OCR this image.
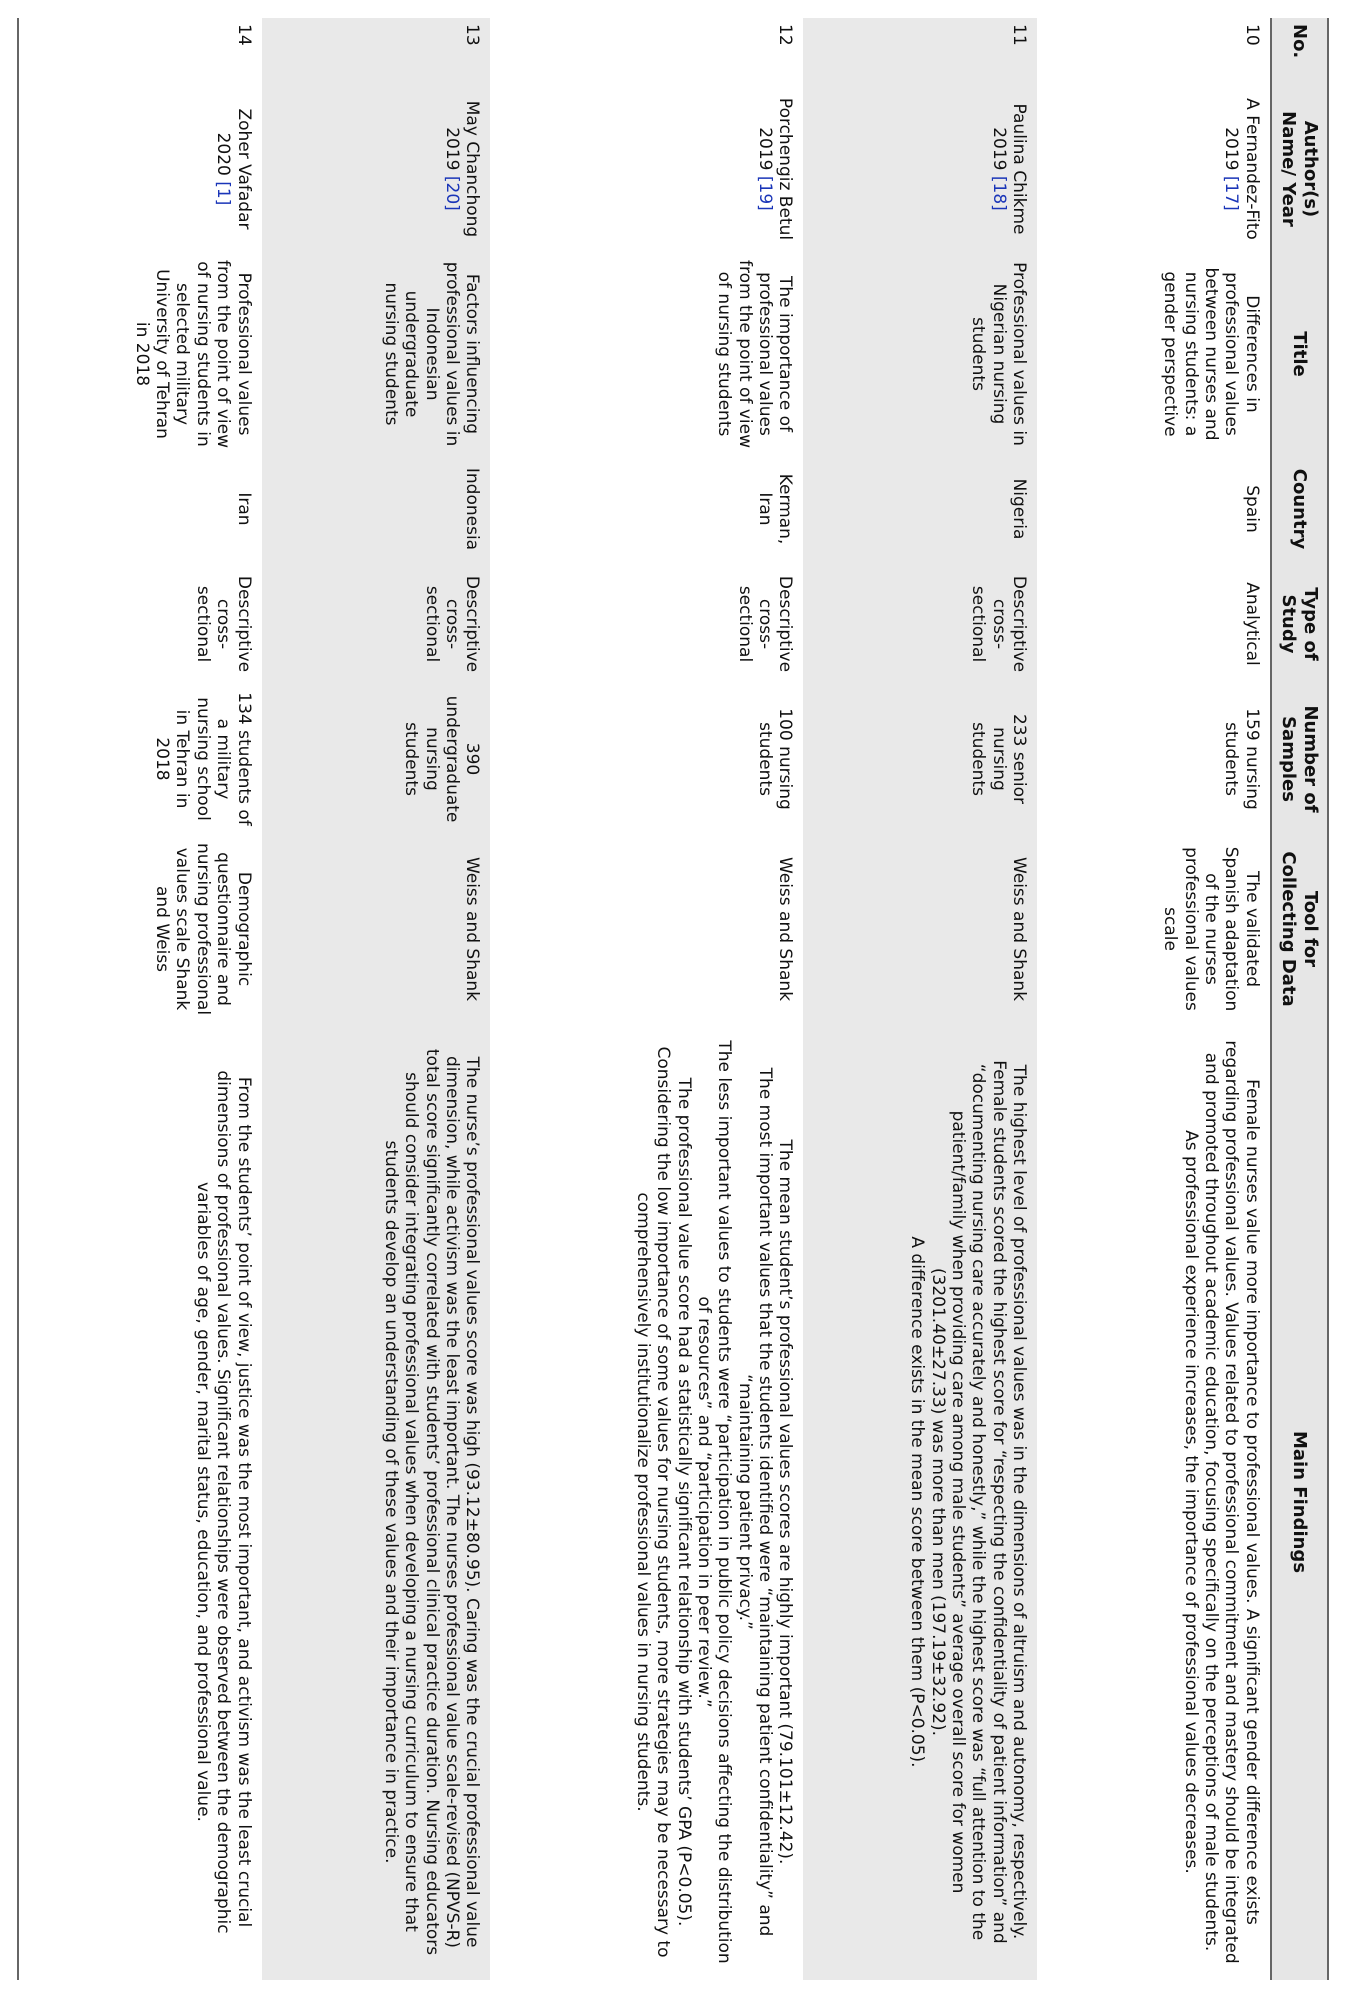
No.	Author(s) Name/ Year	Title	Country	Type of Study	Number of Samples	Tool for Collecting Data	Main Findings
10	A Fernandez-Fito 2019 [17]	Differences in professional values between nurses and nursing students: a gender perspective	Spain	Analytical	159 nursing students	The validated Spanish adaptation of the nurses professional values scale	Female nurses value more importance to professional values. A significant gender difference exists regarding professional values. Values related to professional commitment and mastery should be integrated and promoted throughout academic education, focusing specifically on the perceptions of male students.
As professional experience increases, the importance of professional values decreases.

11	Paulina Chikme 2019 [18]	Professional values in Nigerian nursing students	Nigeria	Descriptive cross-sectional	233 senior nursing students	Weiss and Shank	The highest level of professional values was in the dimensions of altruism and autonomy, respectively. Female students scored the highest score for “respecting the confidentiality of patient information” and “documenting nursing care accurately and honestly,” while the highest score was “full attention to the patient/family when providing care among male students” average overall score for women (3201.40±27.33) was more than men (197.19±32.92).
A difference exists in the mean score between them (P<0.05).

12	Porchengiz Betul 2019 [19]	The importance of professional values from the point of view of nursing students	Kerman, Iran	Descriptive cross-sectional	100 nursing students	Weiss and Shank	The mean student’s professional values scores are highly important (79.101±12.42).
The most important values that the students identified were “maintaining patient confidentiality” and “maintaining patient privacy.”
The less important values to students were “participation in public policy decisions affecting the distribution of resources” and “participation in peer review.”
The professional value score had a statistically significant relationship with students’ GPA (P<0.05). Considering the low importance of some values for nursing students, more strategies may be necessary to comprehensively institutionalize professional values in nursing students.

13	May Chanchong 2019 [20]	Factors influencing professional values in Indonesian undergraduate nursing students	Indonesia	Descriptive cross-sectional	390 undergraduate nursing students	Weiss and Shank	The nurse’s professional values score was high (93.12±80.95). Caring was the crucial professional value dimension, while activism was the least important. The nurses professional value scale-revised (NPVS-R) total score significantly correlated with students’ professional clinical practice duration. Nursing educators should consider integrating professional values when developing a nursing curriculum to ensure that students develop an understanding of these values and their importance in practice.

14	Zoher Vafadar 2020 [1]	Professional values from the point of view of nursing students in selected military University of Tehran in 2018	Iran	Descriptive cross-sectional	134 students of a military nursing school in Tehran in 2018	Demographic questionnaire and nursing professional values scale Shank and Weiss	From the students’ point of view, justice was the most important, and activism was the least crucial dimensions of professional values. Significant relationships were observed between the demographic variables of age, gender, marital status, education, and professional value.
